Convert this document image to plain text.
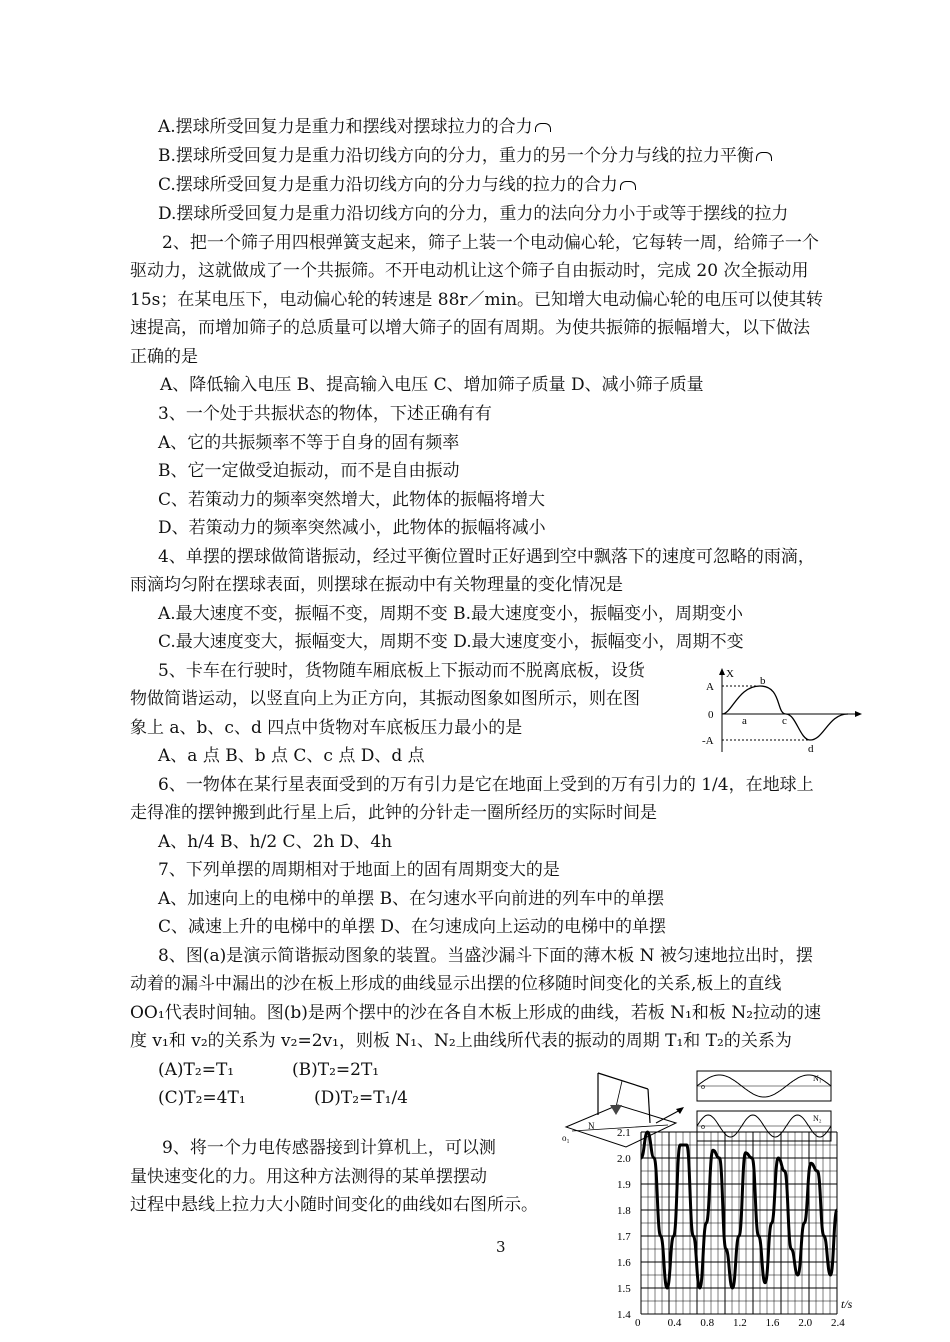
A.摆球所受回复力是重力和摆线对摆球拉力的合力
B.摆球所受回复力是重力沿切线方向的分力，重力的另一个分力与线的拉力平衡
C.摆球所受回复力是重力沿切线方向的分力与线的拉力的合力
D.摆球所受回复力是重力沿切线方向的分力，重力的法向分力小于或等于摆线的拉力
2、把一个筛子用四根弹簧支起来，筛子上装一个电动偏心轮，它每转一周，给筛子一个
驱动力，这就做成了一个共振筛。不开电动机让这个筛子自由振动时，完成 20 次全振动用
15s；在某电压下，电动偏心轮的转速是 88r／min。已知增大电动偏心轮的电压可以使其转
速提高，而增加筛子的总质量可以增大筛子的固有周期。为使共振筛的振幅增大，以下做法
正确的是
A、降低输入电压 B、提高输入电压 C、增加筛子质量 D、减小筛子质量
3、一个处于共振状态的物体，下述正确有有
A、它的共振频率不等于自身的固有频率
B、它一定做受迫振动，而不是自由振动
C、若策动力的频率突然增大，此物体的振幅将增大
D、若策动力的频率突然减小，此物体的振幅将减小
4、单摆的摆球做简谐振动，经过平衡位置时正好遇到空中飘落下的速度可忽略的雨滴，
雨滴均匀附在摆球表面，则摆球在振动中有关物理量的变化情况是
A.最大速度不变，振幅不变，周期不变 B.最大速度变小，振幅变小，周期变小
C.最大速度变大，振幅变大，周期不变 D.最大速度变小，振幅变小，周期不变
5、卡车在行驶时，货物随车厢底板上下振动而不脱离底板，设货
物做简谐运动，以竖直向上为正方向，其振动图象如图所示，则在图
象上 a、b、c、d 四点中货物对车底板压力最小的是
A、a 点 B、b 点 C、c 点 D、d 点
X
A
0
-A
a
b
c
d
6、一物体在某行星表面受到的万有引力是它在地面上受到的万有引力的 1/4，在地球上
走得准的摆钟搬到此行星上后，此钟的分针走一圈所经历的实际时间是
A、h/4 B、h/2 C、2h D、4h
7、下列单摆的周期相对于地面上的固有周期变大的是
A、加速向上的电梯中的单摆 B、在匀速水平向前进的列车中的单摆
C、减速上升的电梯中的单摆 D、在匀速成向上运动的电梯中的单摆
8、图(a)是演示简谐振动图象的装置。当盛沙漏斗下面的薄木板 N 被匀速地拉出时，摆
动着的漏斗中漏出的沙在板上形成的曲线显示出摆的位移随时间变化的关系,板上的直线
OO₁代表时间轴。图(b)是两个摆中的沙在各自木板上形成的曲线，若板 N₁和板 N₂拉动的速
度 v₁和 v₂的关系为 v₂=2v₁，则板 N₁、N₂上曲线所代表的振动的周期 T₁和 T₂的关系为
(A)T₂=T₁	(B)T₂=2T₁
(C)T₂=4T₁	(D)T₂=T₁/4
o₁
N
o
N₁
o
N₂
9、将一个力电传感器接到计算机上，可以测
量快速变化的力。用这种方法测得的某单摆摆动
过程中悬线上拉力大小随时间变化的曲线如右图所示。
2.1
2.0
1.9
1.8
1.7
1.6
1.5
1.4
0 0.4 0.8 1.2 1.6 2.0 2.4
t/s
3
